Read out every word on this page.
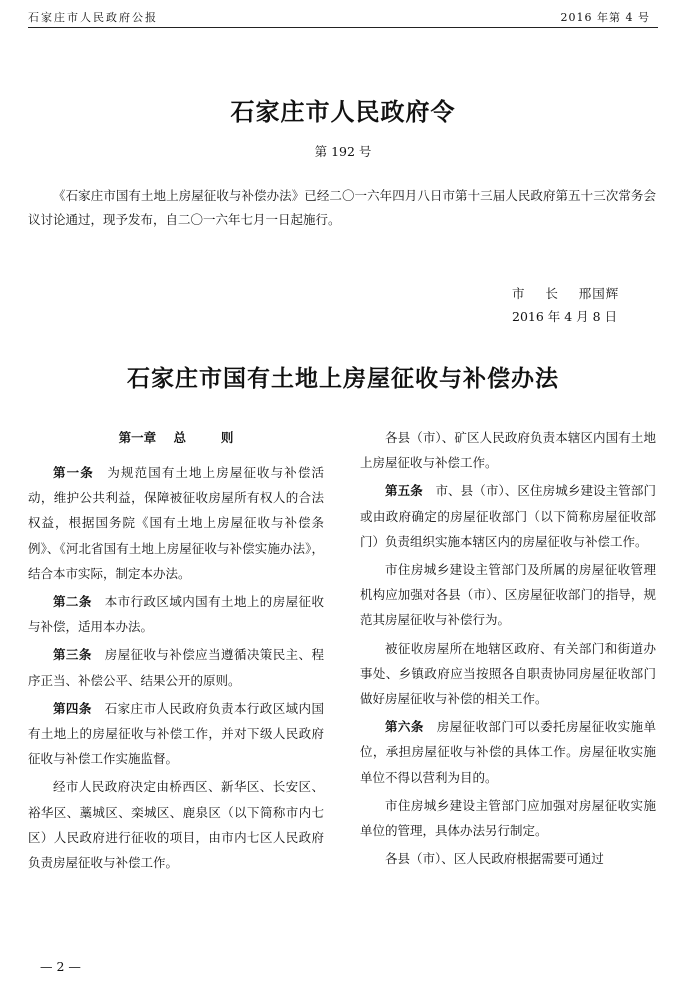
石家庄市人民政府公报	2016 年第 4 号
石家庄市人民政府令
第 192 号
《石家庄市国有土地上房屋征收与补偿办法》已经二〇一六年四月八日市第十三届人民政府第五十三次常务会议讨论通过，现予发布，自二〇一六年七月一日起施行。
市    长    邢国辉
2016 年 4 月 8 日
石家庄市国有土地上房屋征收与补偿办法
第一章    总        则

第一条　 为规范国有土地上房屋征收与补偿活动，维护公共利益，保障被征收房屋所有权人的合法权益，根据国务院《国有土地上房屋征收与补偿条例》、《河北省国有土地上房屋征收与补偿实施办法》，结合本市实际，制定本办法。

第二条　 本市行政区域内国有土地上的房屋征收与补偿，适用本办法。

第三条　 房屋征收与补偿应当遵循决策民主、程序正当、补偿公平、结果公开的原则。

第四条　 石家庄市人民政府负责本行政区域内国有土地上的房屋征收与补偿工作，并对下级人民政府征收与补偿工作实施监督。

经市人民政府决定由桥西区、新华区、长安区、裕华区、藁城区、栾城区、鹿泉区（以下简称市内七区）人民政府进行征收的项目，由市内七区人民政府负责房屋征收与补偿工作。

各县（市）、矿区人民政府负责本辖区内国有土地上房屋征收与补偿工作。

第五条　 市、县（市）、区住房城乡建设主管部门或由政府确定的房屋征收部门（以下简称房屋征收部门）负责组织实施本辖区内的房屋征收与补偿工作。

市住房城乡建设主管部门及所属的房屋征收管理机构应加强对各县（市）、区房屋征收部门的指导，规范其房屋征收与补偿行为。

被征收房屋所在地辖区政府、有关部门和街道办事处、乡镇政府应当按照各自职责协同房屋征收部门做好房屋征收与补偿的相关工作。

第六条　 房屋征收部门可以委托房屋征收实施单位，承担房屋征收与补偿的具体工作。房屋征收实施单位不得以营利为目的。

市住房城乡建设主管部门应加强对房屋征收实施单位的管理，具体办法另行制定。

各县（市）、区人民政府根据需要可通过

— 2 —
